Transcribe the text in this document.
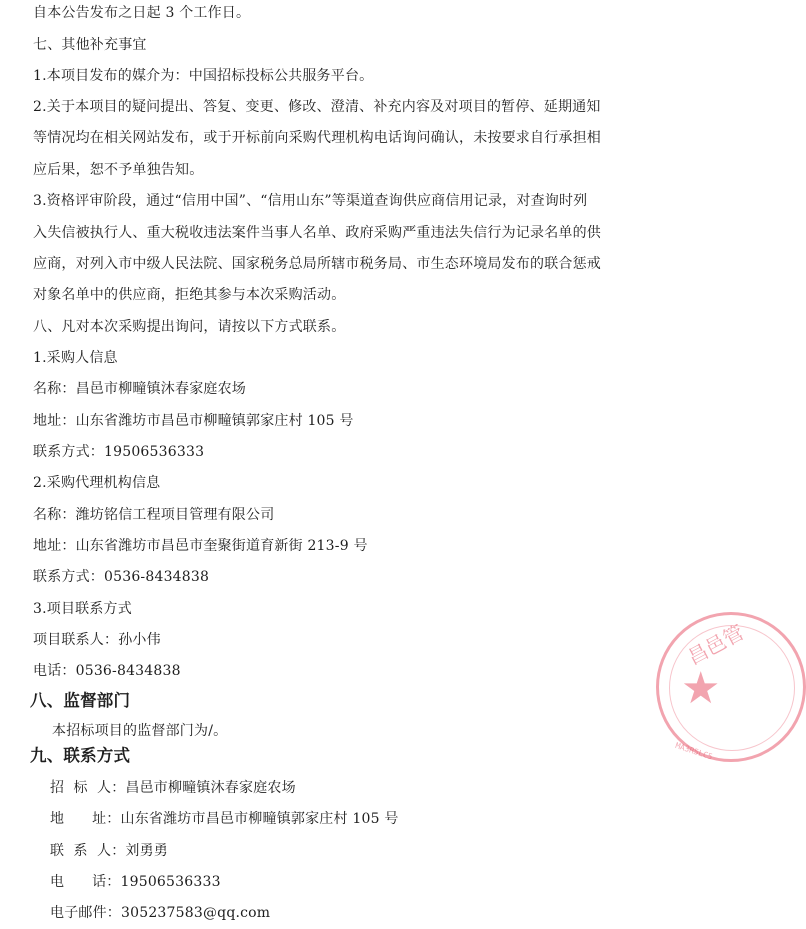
自本公告发布之日起 3 个工作日。
七、其他补充事宜
1.本项目发布的媒介为：中国招标投标公共服务平台。
2.关于本项目的疑问提出、答复、变更、修改、澄清、补充内容及对项目的暂停、延期通知
等情况均在相关网站发布，或于开标前向采购代理机构电话询问确认，未按要求自行承担相
应后果，恕不予单独告知。
3.资格评审阶段，通过“信用中国”、“信用山东”等渠道查询供应商信用记录，对查询时列
入失信被执行人、重大税收违法案件当事人名单、政府采购严重违法失信行为记录名单的供
应商，对列入市中级人民法院、国家税务总局所辖市税务局、市生态环境局发布的联合惩戒
对象名单中的供应商，拒绝其参与本次采购活动。
八、凡对本次采购提出询问，请按以下方式联系。
1.采购人信息
名称：昌邑市柳疃镇沐春家庭农场
地址：山东省潍坊市昌邑市柳疃镇郭家庄村 105 号
联系方式：19506536333
2.采购代理机构信息
名称：潍坊铭信工程项目管理有限公司
地址：山东省潍坊市昌邑市奎聚街道育新街 213-9 号
联系方式：0536-8434838
3.项目联系方式
项目联系人：孙小伟
电话：0536-8434838
八、监督部门
本招标项目的监督部门为/。
九、联系方式
招  标  人：昌邑市柳疃镇沐春家庭农场
地      址：山东省潍坊市昌邑市柳疃镇郭家庄村 105 号
联  系  人：刘勇勇
电      话：19506536333
电子邮件：305237583@qq.com
★
昌邑管
MA3R5LC5
